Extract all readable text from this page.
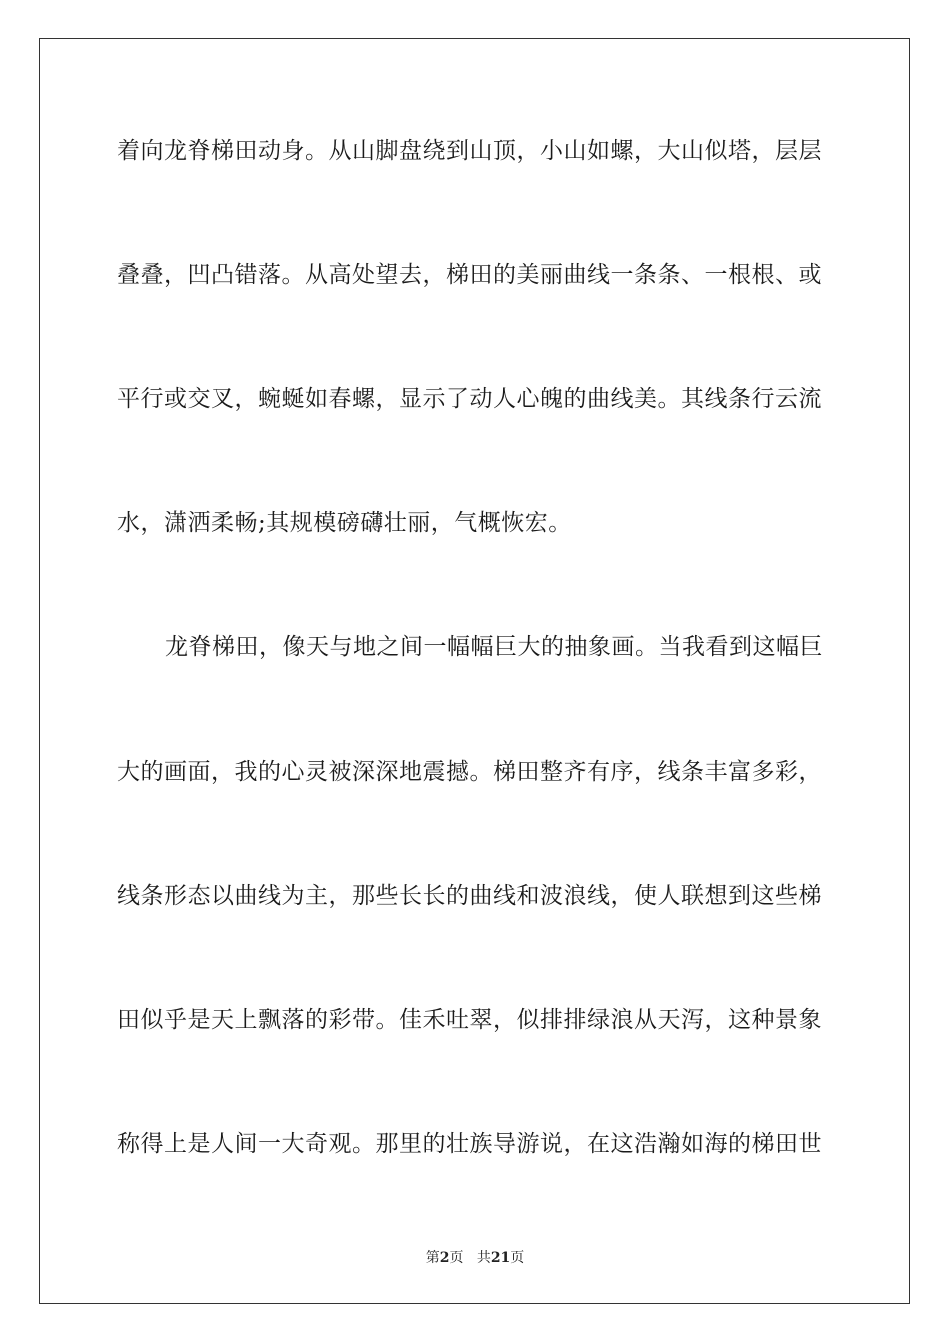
着向龙脊梯田动身。从山脚盘绕到山顶，小山如螺，大山似塔，层层
叠叠，凹凸错落。从高处望去，梯田的美丽曲线一条条、一根根、或
平行或交叉，蜿蜒如春螺，显示了动人心魄的曲线美。其线条行云流
水，潇洒柔畅;其规模磅礴壮丽，气概恢宏。
龙脊梯田，像天与地之间一幅幅巨大的抽象画。当我看到这幅巨
大的画面，我的心灵被深深地震撼。梯田整齐有序，线条丰富多彩，
线条形态以曲线为主，那些长长的曲线和波浪线，使人联想到这些梯
田似乎是天上飘落的彩带。佳禾吐翠，似排排绿浪从天泻，这种景象
称得上是人间一大奇观。那里的壮族导游说，在这浩瀚如海的梯田世
第2页 共21页
